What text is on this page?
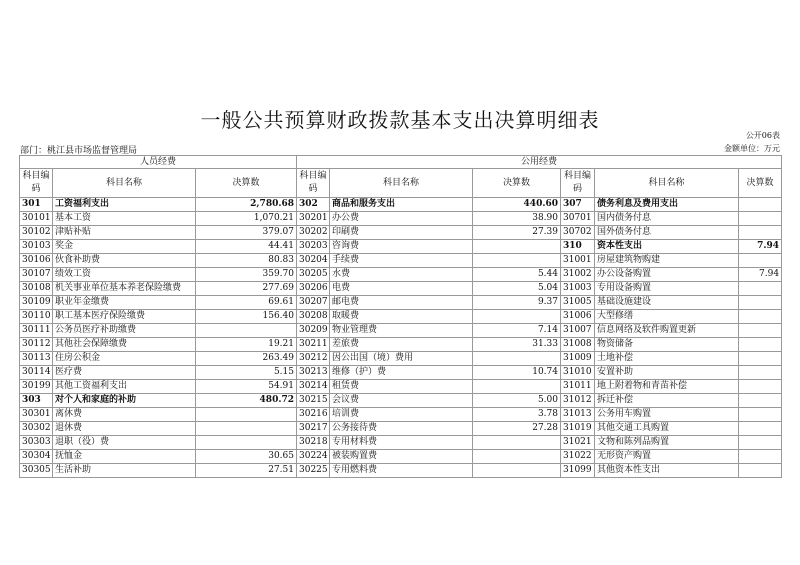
一般公共预算财政拨款基本支出决算明细表
公开06表
部门：桃江县市场监督管理局	金额单位：万元
人员经费			公用经费					
科目编码	科目名称	决算数	科目编码	科目名称	决算数	科目编码	科目名称	决算数
301	工资福利支出	2,780.68	302	商品和服务支出	440.60	307	债务利息及费用支出	
30101	基本工资	1,070.21	30201	办公费	38.90	30701	国内债务付息	
30102	津贴补贴	379.07	30202	印刷费	27.39	30702	国外债务付息	
30103	奖金	44.41	30203	咨询费		310	资本性支出	7.94
30106	伙食补助费	80.83	30204	手续费		31001	房屋建筑物购建	
30107	绩效工资	359.70	30205	水费	5.44	31002	办公设备购置	7.94
30108	机关事业单位基本养老保险缴费	277.69	30206	电费	5.04	31003	专用设备购置	
30109	职业年金缴费	69.61	30207	邮电费	9.37	31005	基础设施建设	
30110	职工基本医疗保险缴费	156.40	30208	取暖费		31006	大型修缮	
30111	公务员医疗补助缴费		30209	物业管理费	7.14	31007	信息网络及软件购置更新	
30112	其他社会保障缴费	19.21	30211	差旅费	31.33	31008	物资储备	
30113	住房公积金	263.49	30212	因公出国（境）费用		31009	土地补偿	
30114	医疗费	5.15	30213	维修（护）费	10.74	31010	安置补助	
30199	其他工资福利支出	54.91	30214	租赁费		31011	地上附着物和青苗补偿	
303	对个人和家庭的补助	480.72	30215	会议费	5.00	31012	拆迁补偿	
30301	离休费		30216	培训费	3.78	31013	公务用车购置	
30302	退休费		30217	公务接待费	27.28	31019	其他交通工具购置	
30303	退职（役）费		30218	专用材料费		31021	文物和陈列品购置	
30304	抚恤金	30.65	30224	被装购置费		31022	无形资产购置	
30305	生活补助	27.51	30225	专用燃料费		31099	其他资本性支出	
